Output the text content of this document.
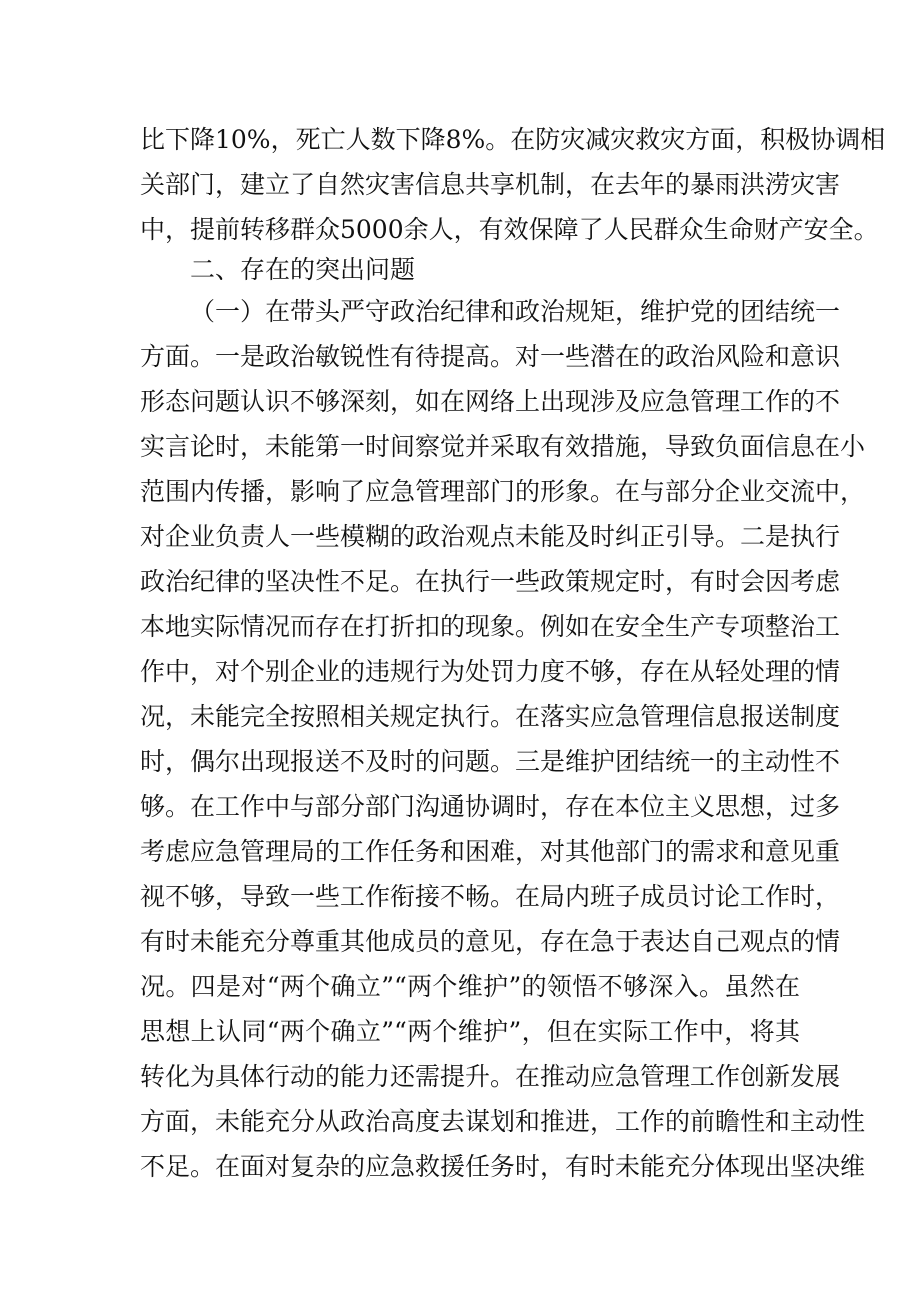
比下降10%，死亡人数下降8%。在防灾减灾救灾方面，积极协调相
关部门，建立了自然灾害信息共享机制，在去年的暴雨洪涝灾害
中，提前转移群众5000余人，有效保障了人民群众生命财产安全。
二、存在的突出问题
（一）在带头严守政治纪律和政治规矩，维护党的团结统一
方面。一是政治敏锐性有待提高。对一些潜在的政治风险和意识
形态问题认识不够深刻，如在网络上出现涉及应急管理工作的不
实言论时，未能第一时间察觉并采取有效措施，导致负面信息在小
范围内传播，影响了应急管理部门的形象。在与部分企业交流中，
对企业负责人一些模糊的政治观点未能及时纠正引导。二是执行
政治纪律的坚决性不足。在执行一些政策规定时，有时会因考虑
本地实际情况而存在打折扣的现象。例如在安全生产专项整治工
作中，对个别企业的违规行为处罚力度不够，存在从轻处理的情
况，未能完全按照相关规定执行。在落实应急管理信息报送制度
时，偶尔出现报送不及时的问题。三是维护团结统一的主动性不
够。在工作中与部分部门沟通协调时，存在本位主义思想，过多
考虑应急管理局的工作任务和困难，对其他部门的需求和意见重
视不够，导致一些工作衔接不畅。在局内班子成员讨论工作时，
有时未能充分尊重其他成员的意见，存在急于表达自己观点的情
况。四是对“两个确立”“两个维护”的领悟不够深入。虽然在
思想上认同“两个确立”“两个维护”，但在实际工作中，将其
转化为具体行动的能力还需提升。在推动应急管理工作创新发展
方面，未能充分从政治高度去谋划和推进，工作的前瞻性和主动性
不足。在面对复杂的应急救援任务时，有时未能充分体现出坚决维
